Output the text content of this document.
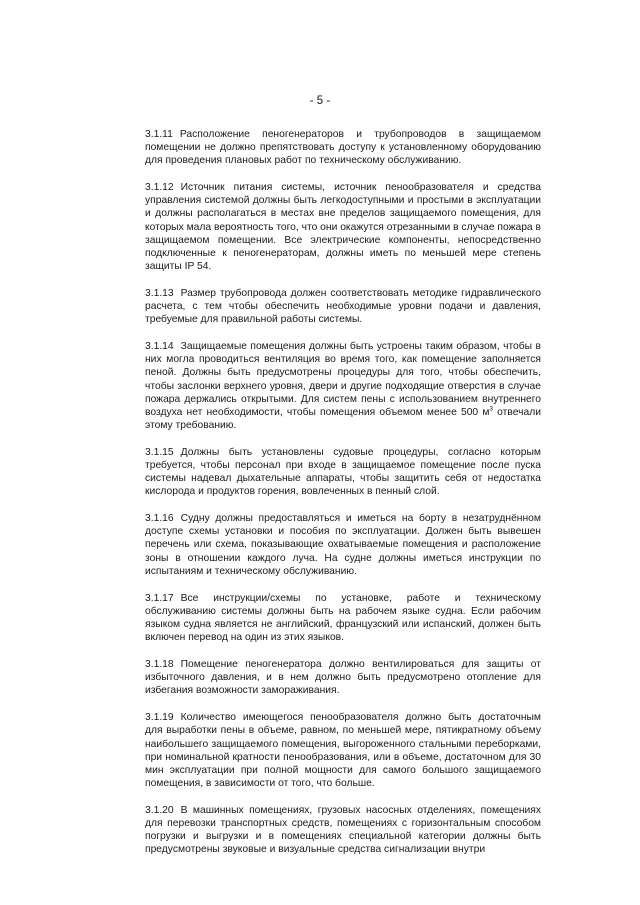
- 5 -

3.1.11 Расположение пеногенераторов и трубопроводов в защищаемом помещении не должно препятствовать доступу к установленному оборудованию для проведения плановых работ по техническому обслуживанию.

3.1.12 Источник питания системы, источник пенообразователя и средства управления системой должны быть легкодоступными и простыми в эксплуатации и должны располагаться в местах вне пределов защищаемого помещения, для которых мала вероятность того, что они окажутся отрезанными в случае пожара в защищаемом помещении. Все электрические компоненты, непосредственно подключенные к пеногенераторам, должны иметь по меньшей мере степень защиты IP 54.

3.1.13 Размер трубопровода должен соответствовать методике гидравлического расчета, с тем чтобы обеспечить необходимые уровни подачи и давления, требуемые для правильной работы системы.

3.1.14 Защищаемые помещения должны быть устроены таким образом, чтобы в них могла проводиться вентиляция во время того, как помещение заполняется пеной. Должны быть предусмотрены процедуры для того, чтобы обеспечить, чтобы заслонки верхнего уровня, двери и другие подходящие отверстия в случае пожара держались открытыми. Для систем пены с использованием внутреннего воздуха нет необходимости, чтобы помещения объемом менее 500 $м^3$ отвечали этому требованию.

3.1.15 Должны быть установлены судовые процедуры, согласно которым требуется, чтобы персонал при входе в защищаемое помещение после пуска системы надевал дыхательные аппараты, чтобы защитить себя от недостатка кислорода и продуктов горения, вовлеченных в пенный слой.

3.1.16 Судну должны предоставляться и иметься на борту в незатруднённом доступе схемы установки и пособия по эксплуатации. Должен быть вывешен перечень или схема, показывающие охватываемые помещения и расположение зоны в отношении каждого луча. На судне должны иметься инструкции по испытаниям и техническому обслуживанию.

3.1.17 Все инструкции/схемы по установке, работе и техническому обслуживанию системы должны быть на рабочем языке судна. Если рабочим языком судна является не английский, французский или испанский, должен быть включен перевод на один из этих языков.

3.1.18 Помещение пеногенератора должно вентилироваться для защиты от избыточного давления, и в нем должно быть предусмотрено отопление для избегания возможности замораживания.

3.1.19 Количество имеющегося пенообразователя должно быть достаточным для выработки пены в объеме, равном, по меньшей мере, пятикратному объему наибольшего защищаемого помещения, выгороженного стальными переборками, при номинальной кратности пенообразования, или в объеме, достаточном для 30 мин эксплуатации при полной мощности для самого большого защищаемого помещения, в зависимости от того, что больше.

3.1.20 В машинных помещениях, грузовых насосных отделениях, помещениях для перевозки транспортных средств, помещениях с горизонтальным способом погрузки и выгрузки и в помещениях специальной категории должны быть предусмотрены звуковые и визуальные средства сигнализации внутри
